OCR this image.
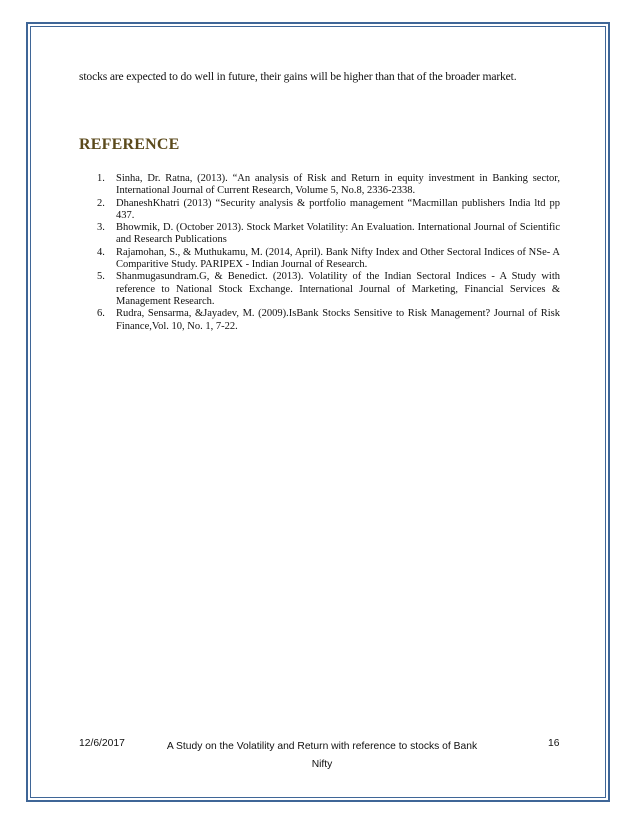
stocks are expected to do well in future, their gains will be higher than that of the broader market.
REFERENCE
1. Sinha, Dr. Ratna, (2013). “An analysis of Risk and Return in equity investment in Banking sector, International Journal of Current Research, Volume 5, No.8, 2336-2338.
2. DhaneshKhatri (2013) “Security analysis & portfolio management “Macmillan publishers India ltd pp 437.
3. Bhowmik, D. (October 2013). Stock Market Volatility: An Evaluation. International Journal of Scientific and Research Publications
4. Rajamohan, S., & Muthukamu, M. (2014, April). Bank Nifty Index and Other Sectoral Indices of NSe- A Comparitive Study. PARIPEX - Indian Journal of Research.
5. Shanmugasundram.G, & Benedict. (2013). Volatility of the Indian Sectoral Indices - A Study with reference to National Stock Exchange. International Journal of Marketing, Financial Services & Management Research.
6. Rudra, Sensarma, &Jayadev, M. (2009).IsBank Stocks Sensitive to Risk Management? Journal of Risk Finance,Vol. 10, No. 1, 7-22.
12/6/2017	A Study on the Volatility and Return with reference to stocks of Bank Nifty
16
